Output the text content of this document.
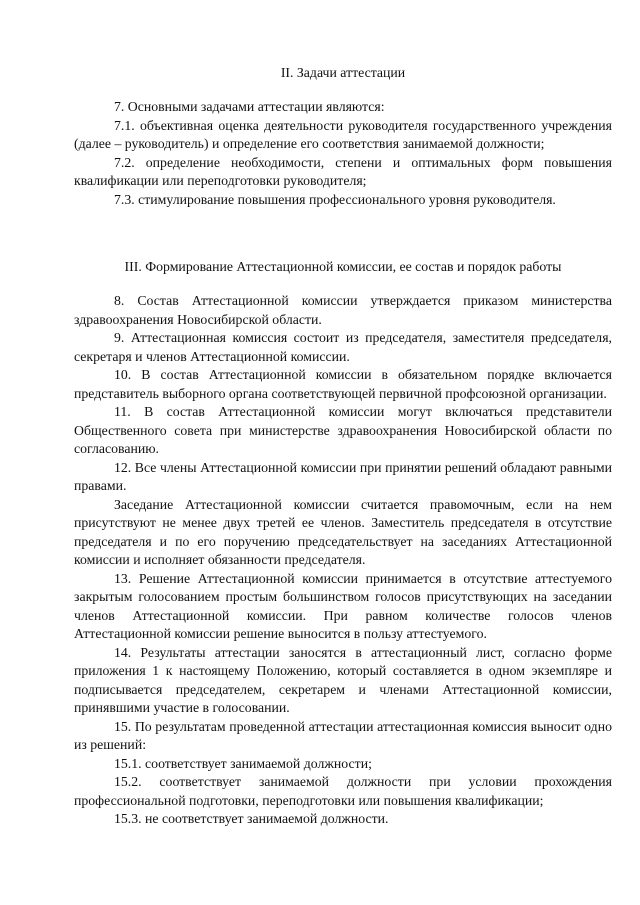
II. Задачи аттестации

7. Основными задачами аттестации являются:

7.1. объективная оценка деятельности руководителя государственного учреждения (далее – руководитель) и определение его соответствия занимаемой должности;

7.2. определение необходимости, степени и оптимальных форм повышения квалификации или переподготовки руководителя;

7.3. стимулирование повышения профессионального уровня руководителя.

III. Формирование Аттестационной комиссии, ее состав и порядок работы

8. Состав Аттестационной комиссии утверждается приказом министерства здравоохранения Новосибирской области.

9. Аттестационная комиссия состоит из председателя, заместителя председателя, секретаря и членов Аттестационной комиссии.

10. В состав Аттестационной комиссии в обязательном порядке включается представитель выборного органа соответствующей первичной профсоюзной организации.

11. В состав Аттестационной комиссии могут включаться представители Общественного совета при министерстве здравоохранения Новосибирской области по согласованию.

12. Все члены Аттестационной комиссии при принятии решений обладают равными правами.

Заседание Аттестационной комиссии считается правомочным, если на нем присутствуют не менее двух третей ее членов. Заместитель председателя в отсутствие председателя и по его поручению председательствует на заседаниях Аттестационной комиссии и исполняет обязанности председателя.

13. Решение Аттестационной комиссии принимается в отсутствие аттестуемого закрытым голосованием простым большинством голосов присутствующих на заседании членов Аттестационной комиссии. При равном количестве голосов членов Аттестационной комиссии решение выносится в пользу аттестуемого.

14. Результаты аттестации заносятся в аттестационный лист, согласно форме приложения 1 к настоящему Положению, который составляется в одном экземпляре и подписывается председателем, секретарем и членами Аттестационной комиссии, принявшими участие в голосовании.

15. По результатам проведенной аттестации аттестационная комиссия выносит одно из решений:

15.1. соответствует занимаемой должности;

15.2. соответствует занимаемой должности при условии прохождения профессиональной подготовки, переподготовки или повышения квалификации;

15.3. не соответствует занимаемой должности.
